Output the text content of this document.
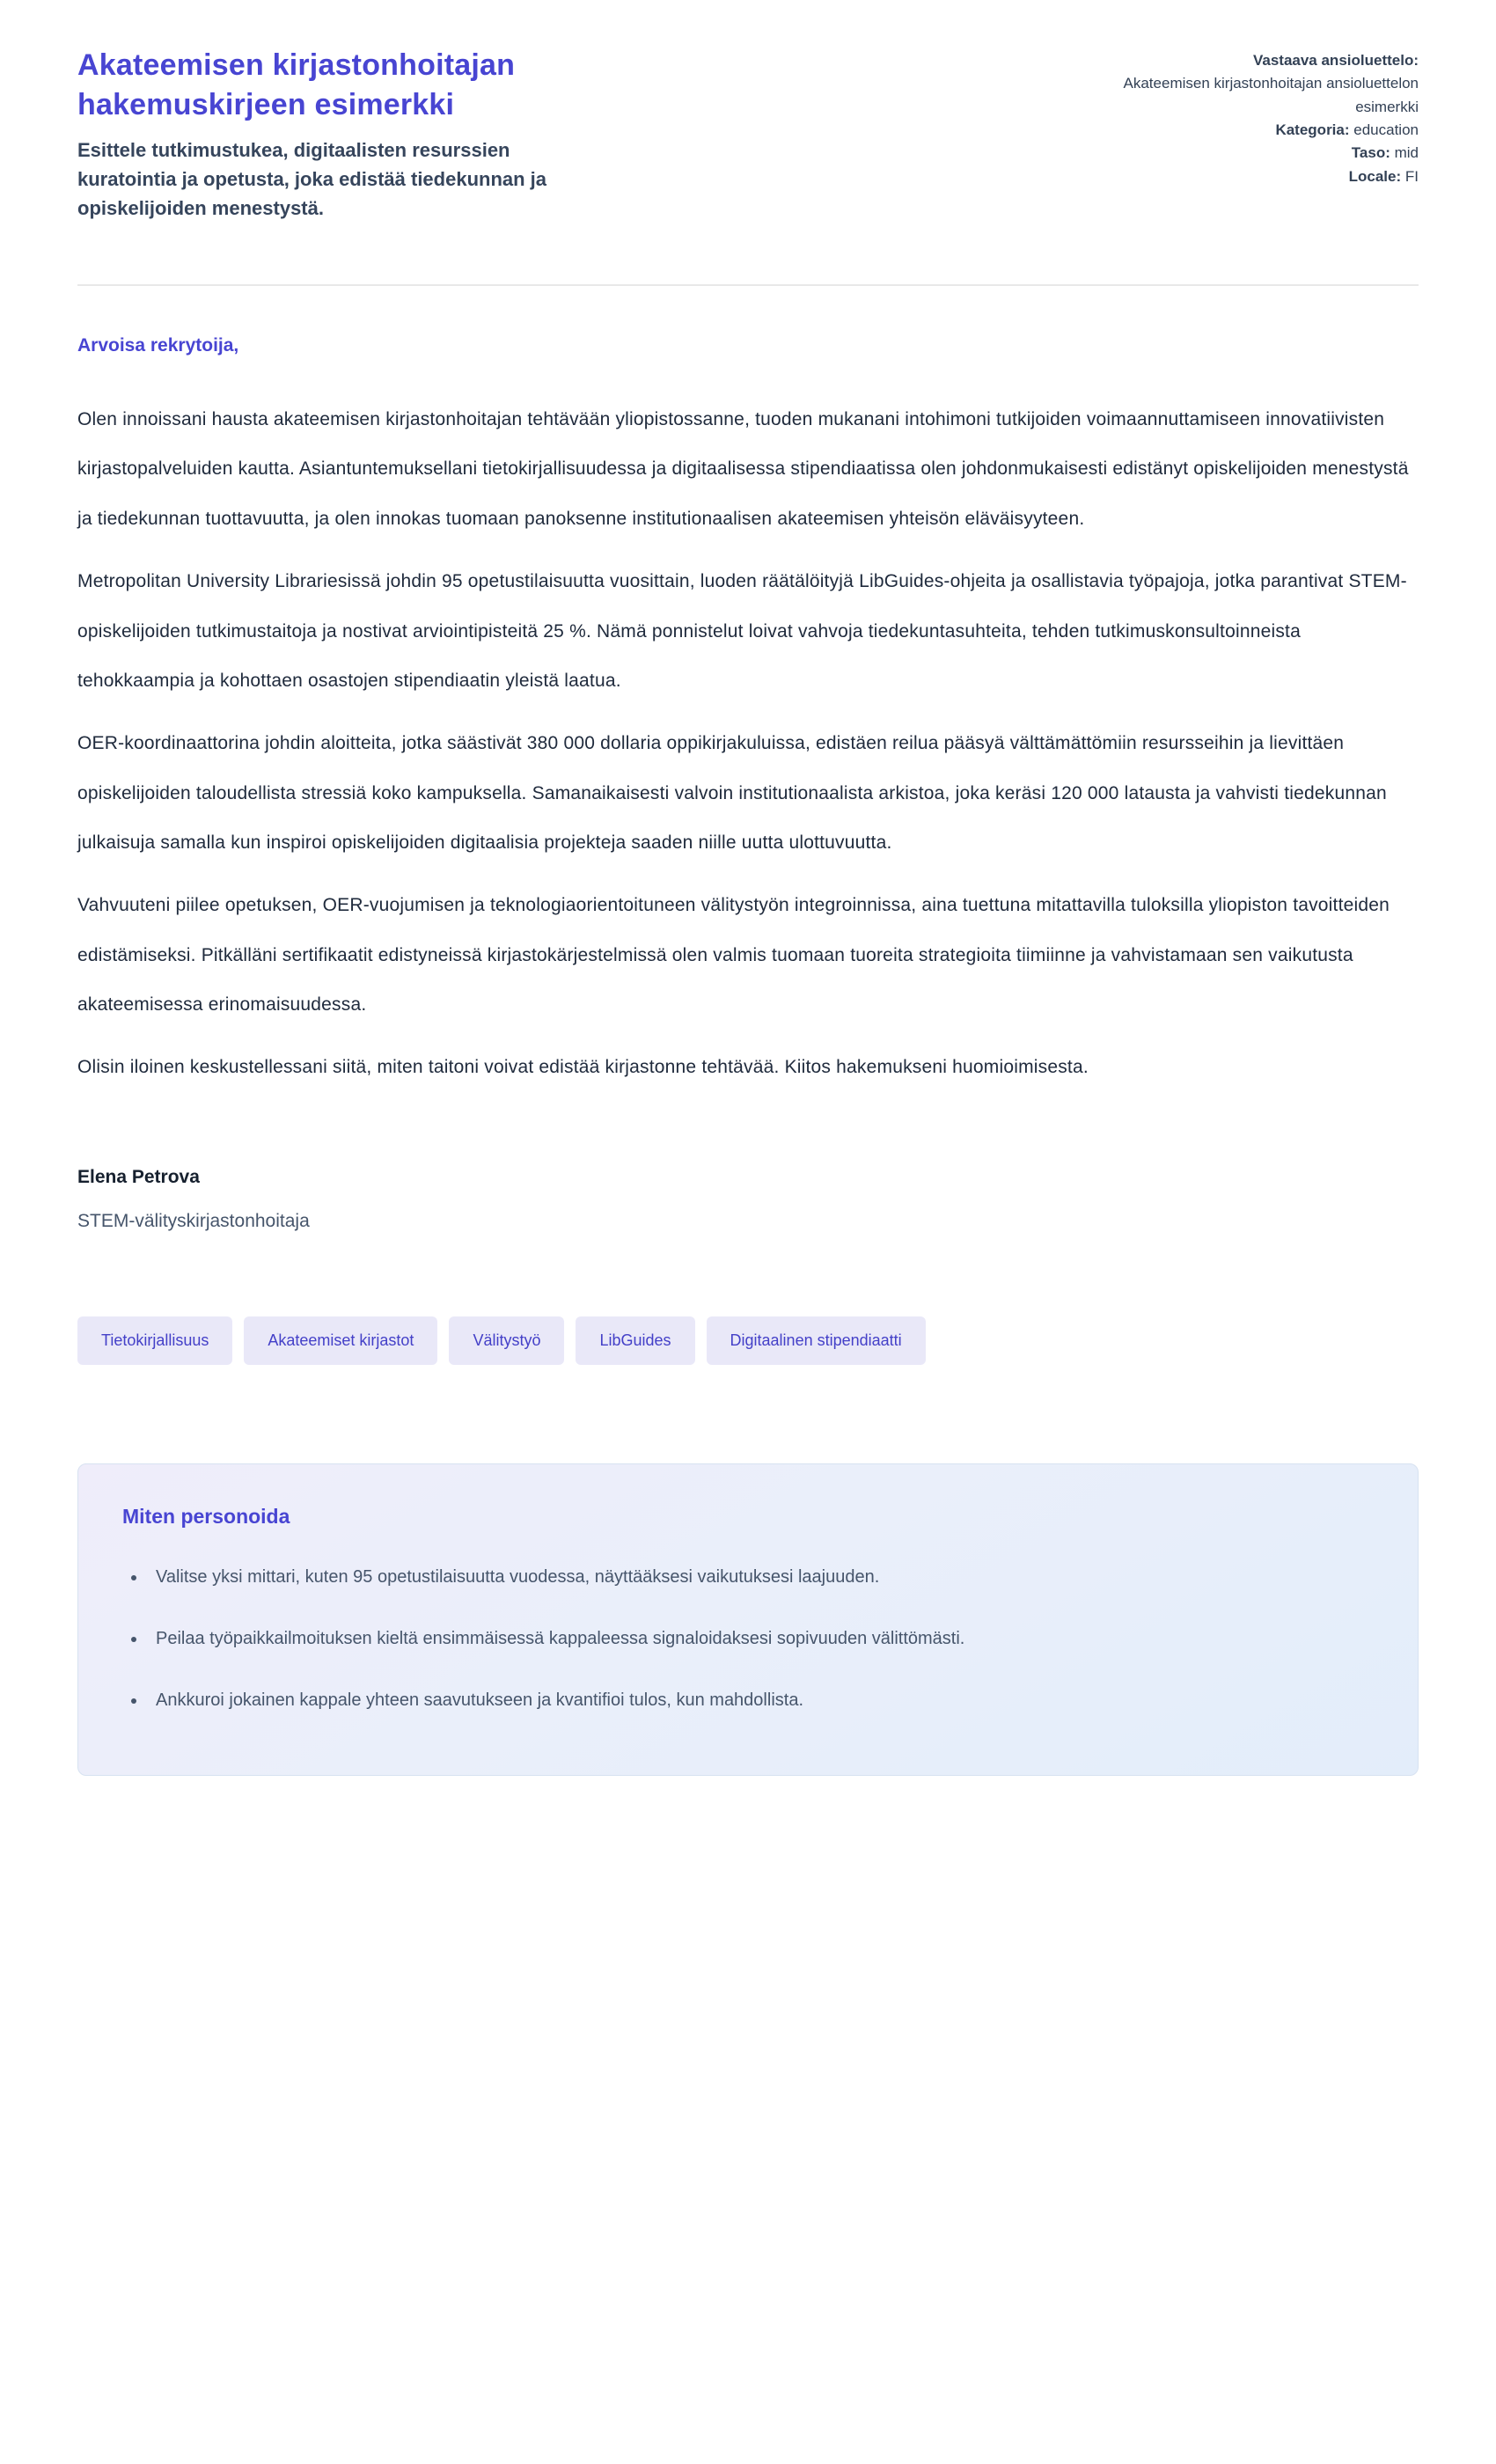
Akateemisen kirjastonhoitajan hakemuskirjeen esimerkki

Esittele tutkimustukea, digitaalisten resurssien kuratointia ja opetusta, joka edistää tiedekunnan ja opiskelijoiden menestystä.

Vastaava ansioluettelo:
Akateemisen kirjastonhoitajan ansioluettelon esimerkki
Kategoria: education
Taso: mid
Locale: FI

Arvoisa rekrytoija,

Olen innoissani hausta akateemisen kirjastonhoitajan tehtävään yliopistossanne, tuoden mukanani intohimoni tutkijoiden voimaannuttamiseen innovatiivisten kirjastopalveluiden kautta. Asiantuntemuksellani tietokirjallisuudessa ja digitaalisessa stipendiaatissa olen johdonmukaisesti edistänyt opiskelijoiden menestystä ja tiedekunnan tuottavuutta, ja olen innokas tuomaan panoksenne institutionaalisen akateemisen yhteisön eläväisyyteen.

Metropolitan University Librariesissä johdin 95 opetustilaisuutta vuosittain, luoden räätälöityjä LibGuides-ohjeita ja osallistavia työpajoja, jotka parantivat STEM-opiskelijoiden tutkimustaitoja ja nostivat arviointipisteitä 25 %. Nämä ponnistelut loivat vahvoja tiedekuntasuhteita, tehden tutkimuskonsultoinneista tehokkaampia ja kohottaen osastojen stipendiaatin yleistä laatua.

OER-koordinaattorina johdin aloitteita, jotka säästivät 380 000 dollaria oppikirjakuluissa, edistäen reilua pääsyä välttämättömiin resursseihin ja lievittäen opiskelijoiden taloudellista stressiä koko kampuksella. Samanaikaisesti valvoin institutionaalista arkistoa, joka keräsi 120 000 latausta ja vahvisti tiedekunnan julkaisuja samalla kun inspiroi opiskelijoiden digitaalisia projekteja saaden niille uutta ulottuvuutta.

Vahvuuteni piilee opetuksen, OER-vuojumisen ja teknologiaorientoituneen välitystyön integroinnissa, aina tuettuna mitattavilla tuloksilla yliopiston tavoitteiden edistämiseksi. Pitkälläni sertifikaatit edistyneissä kirjastokärjestelmissä olen valmis tuomaan tuoreita strategioita tiimiinne ja vahvistamaan sen vaikutusta akateemisessa erinomaisuudessa.

Olisin iloinen keskustellessani siitä, miten taitoni voivat edistää kirjastonne tehtävää. Kiitos hakemukseni huomioimisesta.

Elena Petrova

STEM-välityskirjastonhoitaja

Tietokirjallisuus	Akateemiset kirjastot	Välitystyö	LibGuides	Digitaalinen stipendiaatti
Miten personoida
• Valitse yksi mittari, kuten 95 opetustilaisuutta vuodessa, näyttääksesi vaikutuksesi laajuuden.
• Peilaa työpaikkailmoituksen kieltä ensimmäisessä kappaleessa signaloidaksesi sopivuuden välittömästi.
• Ankkuroi jokainen kappale yhteen saavutukseen ja kvantifioi tulos, kun mahdollista.
